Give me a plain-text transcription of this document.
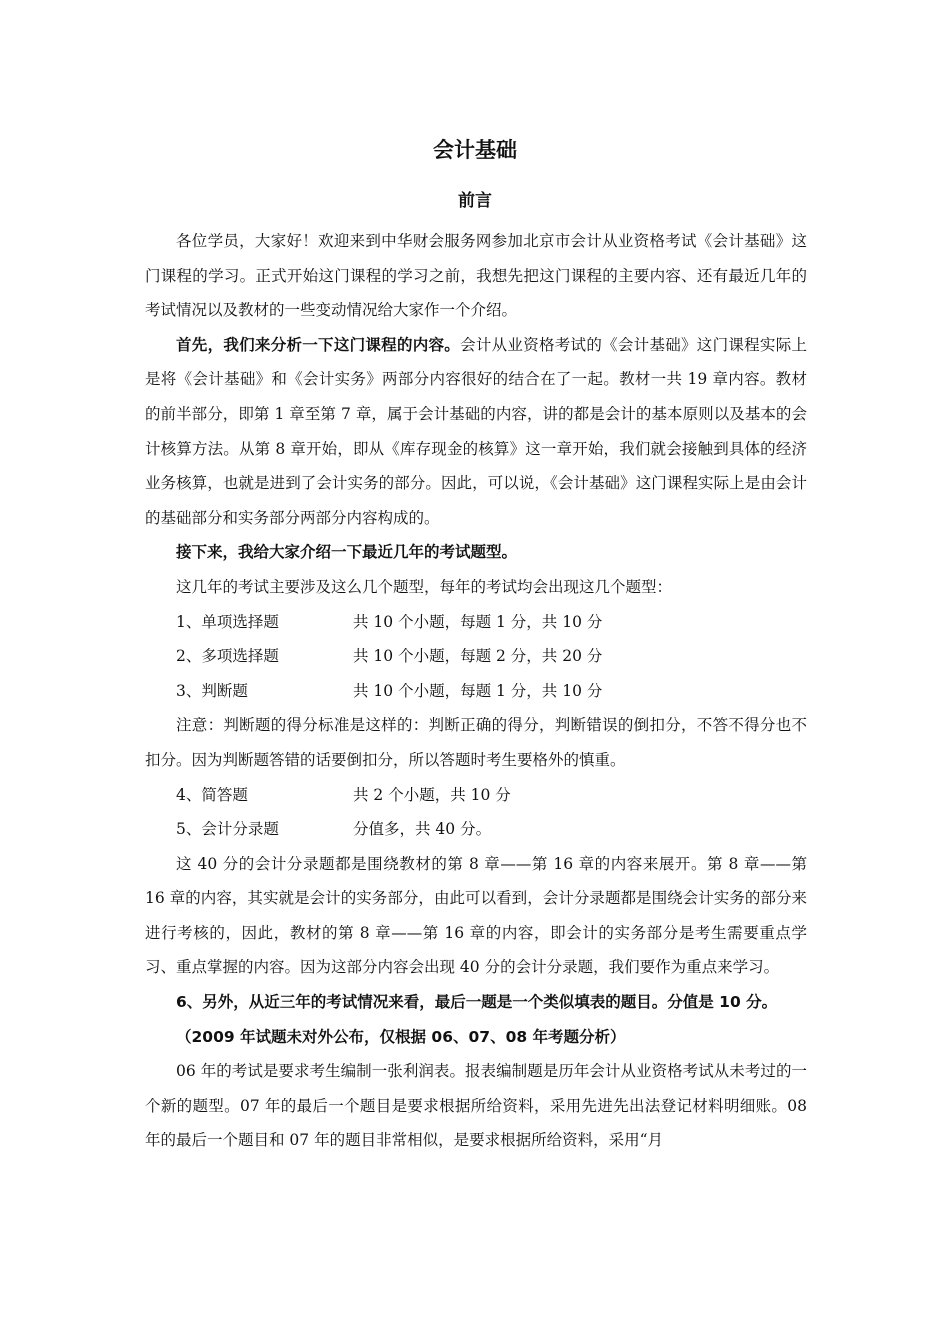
会计基础
前言

各位学员，大家好！欢迎来到中华财会服务网参加北京市会计从业资格考试《会计基础》这门课程的学习。正式开始这门课程的学习之前，我想先把这门课程的主要内容、还有最近几年的考试情况以及教材的一些变动情况给大家作一个介绍。

首先，我们来分析一下这门课程的内容。会计从业资格考试的《会计基础》这门课程实际上是将《会计基础》和《会计实务》两部分内容很好的结合在了一起。教材一共 19 章内容。教材的前半部分，即第 1 章至第 7 章，属于会计基础的内容，讲的都是会计的基本原则以及基本的会计核算方法。从第 8 章开始，即从《库存现金的核算》这一章开始，我们就会接触到具体的经济业务核算，也就是进到了会计实务的部分。因此，可以说，《会计基础》这门课程实际上是由会计的基础部分和实务部分两部分内容构成的。

接下来，我给大家介绍一下最近几年的考试题型。

这几年的考试主要涉及这么几个题型，每年的考试均会出现这几个题型：

1、单项选择题	共 10 个小题，每题 1 分，共 10 分

2、多项选择题	共 10 个小题，每题 2 分，共 20 分

3、判断题	共 10 个小题，每题 1 分，共 10 分

注意：判断题的得分标准是这样的：判断正确的得分，判断错误的倒扣分，不答不得分也不扣分。因为判断题答错的话要倒扣分，所以答题时考生要格外的慎重。

4、简答题	共 2 个小题，共 10 分

5、会计分录题	分值多，共 40 分。

这 40 分的会计分录题都是围绕教材的第 8 章——第 16 章的内容来展开。第 8 章——第 16 章的内容，其实就是会计的实务部分，由此可以看到，会计分录题都是围绕会计实务的部分来进行考核的，因此，教材的第 8 章——第 16 章的内容，即会计的实务部分是考生需要重点学习、重点掌握的内容。因为这部分内容会出现 40 分的会计分录题，我们要作为重点来学习。

6、另外，从近三年的考试情况来看，最后一题是一个类似填表的题目。分值是 10 分。

（2009 年试题未对外公布，仅根据 06、07、08 年考题分析）

06 年的考试是要求考生编制一张利润表。报表编制题是历年会计从业资格考试从未考过的一个新的题型。07 年的最后一个题目是要求根据所给资料，采用先进先出法登记材料明细账。08 年的最后一个题目和 07 年的题目非常相似，是要求根据所给资料，采用“月
